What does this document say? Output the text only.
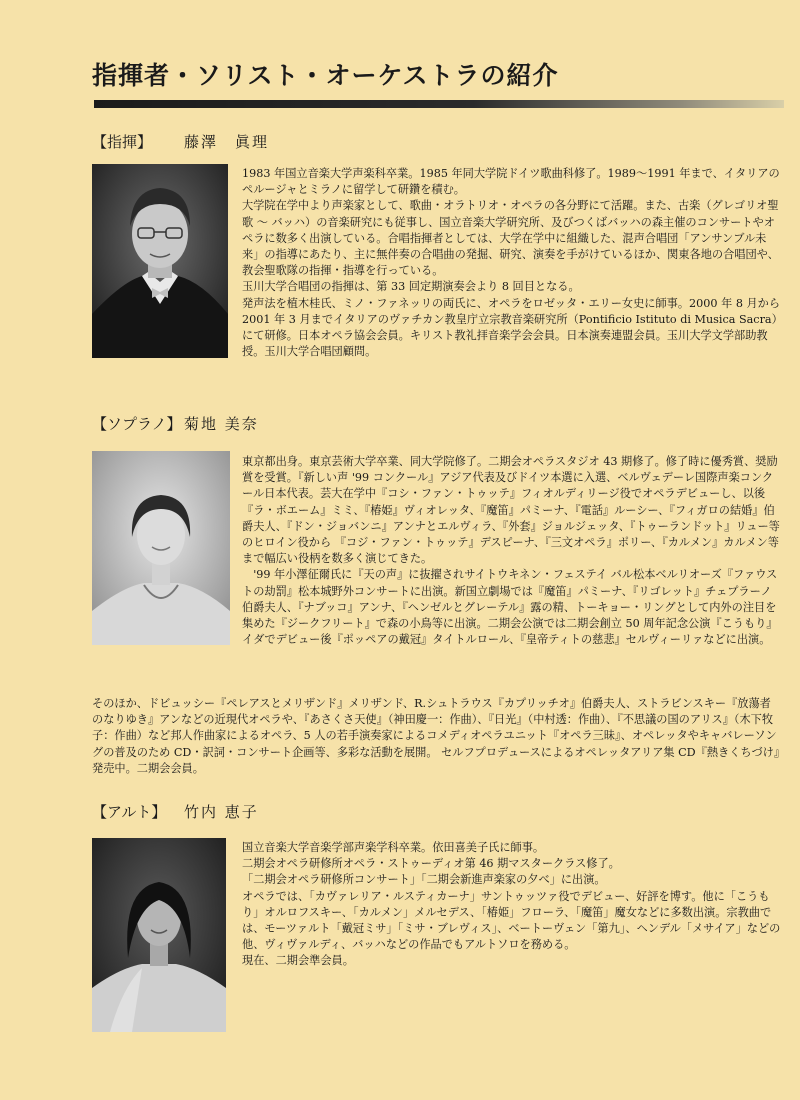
指揮者・ソリスト・オーケストラの紹介
【指揮】 藤澤　眞理

1983 年国立音楽大学声楽科卒業。1985 年同大学院ドイツ歌曲科修了。1989～1991 年まで、イタリアのペルージャとミラノに留学して研鑽を積む。

大学院在学中より声楽家として、歌曲・オラトリオ・オペラの各分野にて活躍。また、古楽（グレゴリオ聖歌 ～ バッハ）の音楽研究にも従事し、国立音楽大学研究所、及びつくばバッハの森主催のコンサートやオペラに数多く出演している。合唱指揮者としては、大学在学中に組織した、混声合唱団「アンサンブル未来」の指導にあたり、主に無伴奏の合唱曲の発掘、研究、演奏を手がけているほか、関東各地の合唱団や、教会聖歌隊の指揮・指導を行っている。

玉川大学合唱団の指揮は、第 33 回定期演奏会より 8 回目となる。

発声法を植木桂氏、ミノ・ファネッリの両氏に、オペラをロゼッタ・エリー女史に師事。2000 年 8 月から 2001 年 3 月までイタリアのヴァチカン教皇庁立宗教音楽研究所（Pontificio Istituto di Musica Sacra）にて研修。日本オペラ協会会員。キリスト教礼拝音楽学会会員。日本演奏連盟会員。玉川大学文学部助教授。玉川大学合唱団顧問。

【ソプラノ】 菊地 美奈

東京都出身。東京芸術大学卒業、同大学院修了。二期会オペラスタジオ 43 期修了。修了時に優秀賞、奨励賞を受賞。『新しい声 '99 コンクール』アジア代表及びドイツ本選に入選、ベルヴェデーレ国際声楽コンクール日本代表。芸大在学中『コシ・ファン・トゥッテ』フィオルディリージ役でオペラデビューし、以後『ラ・ボエーム』ミミ、『椿姫』ヴィオレッタ、『魔笛』パミーナ、『電話』ルーシー、『フィガロの結婚』伯爵夫人、『ドン・ジョバンニ』アンナとエルヴィラ、『外套』ジョルジェッタ、『トゥーランドット』リュー等のヒロイン役から 『コジ・ファン・トゥッテ』デスピーナ、『三文オペラ』ポリー、『カルメン』カルメン等まで幅広い役柄を数多く演じてきた。

'99 年小澤征爾氏に『天の声』に抜擢されサイトウキネン・フェステイ バル松本ベルリオーズ『ファウストの劫罰』松本城野外コンサートに出演。新国立劇場では『魔笛』パミーナ、『リゴレット』チェプラーノ伯爵夫人、『ナブッコ』アンナ、『ヘンゼルとグレーテル』露の精、トーキョー・リングとして内外の注目を集めた『ジークフリート』で森の小鳥等に出演。二期会公演では二期会創立 50 周年記念公演『こうもり』イダでデビュー後『ポッペアの戴冠』タイトルロール、『皇帝ティトの慈悲』セルヴィーリァなどに出演。

そのほか、ドビュッシー『ペレアスとメリザンド』メリザンド、R.シュトラウス『カプリッチオ』伯爵夫人、ストラビンスキー『放蕩者のなりゆき』アンなどの近現代オペラや、『あさくさ天使』（神田慶一：作曲）、『日光』（中村透：作曲）、『不思議の国のアリス』（木下牧子：作曲）など邦人作曲家によるオペラ、5 人の若手演奏家によるコメディオペラユニット『オペラ三昧』、オペレッタやキャバレーソングの普及のため CD・訳詞・コンサート企画等、多彩な活動を展開。 セルフプロデュースによるオペレッタアリア集 CD『熱きくちづけ』発売中。二期会会員。

【アルト】 竹内 恵子

国立音楽大学音楽学部声楽学科卒業。依田喜美子氏に師事。

二期会オペラ研修所オペラ・ストゥーディオ第 46 期マスタークラス修了。

「二期会オペラ研修所コンサート」「二期会新進声楽家の夕べ」に出演。

オペラでは、「カヴァレリア・ルスティカーナ」サントゥッツァ役でデビュー、好評を博す。他に「こうもり」オルロフスキー、「カルメン」メルセデス、「椿姫」フローラ、「魔笛」魔女などに多数出演。宗教曲では、モーツァルト「戴冠ミサ」「ミサ・ブレヴィス」、ベートーヴェン「第九」、ヘンデル「メサイア」などの他、ヴィヴァルディ、バッハなどの作品でもアルトソロを務める。

現在、二期会準会員。
